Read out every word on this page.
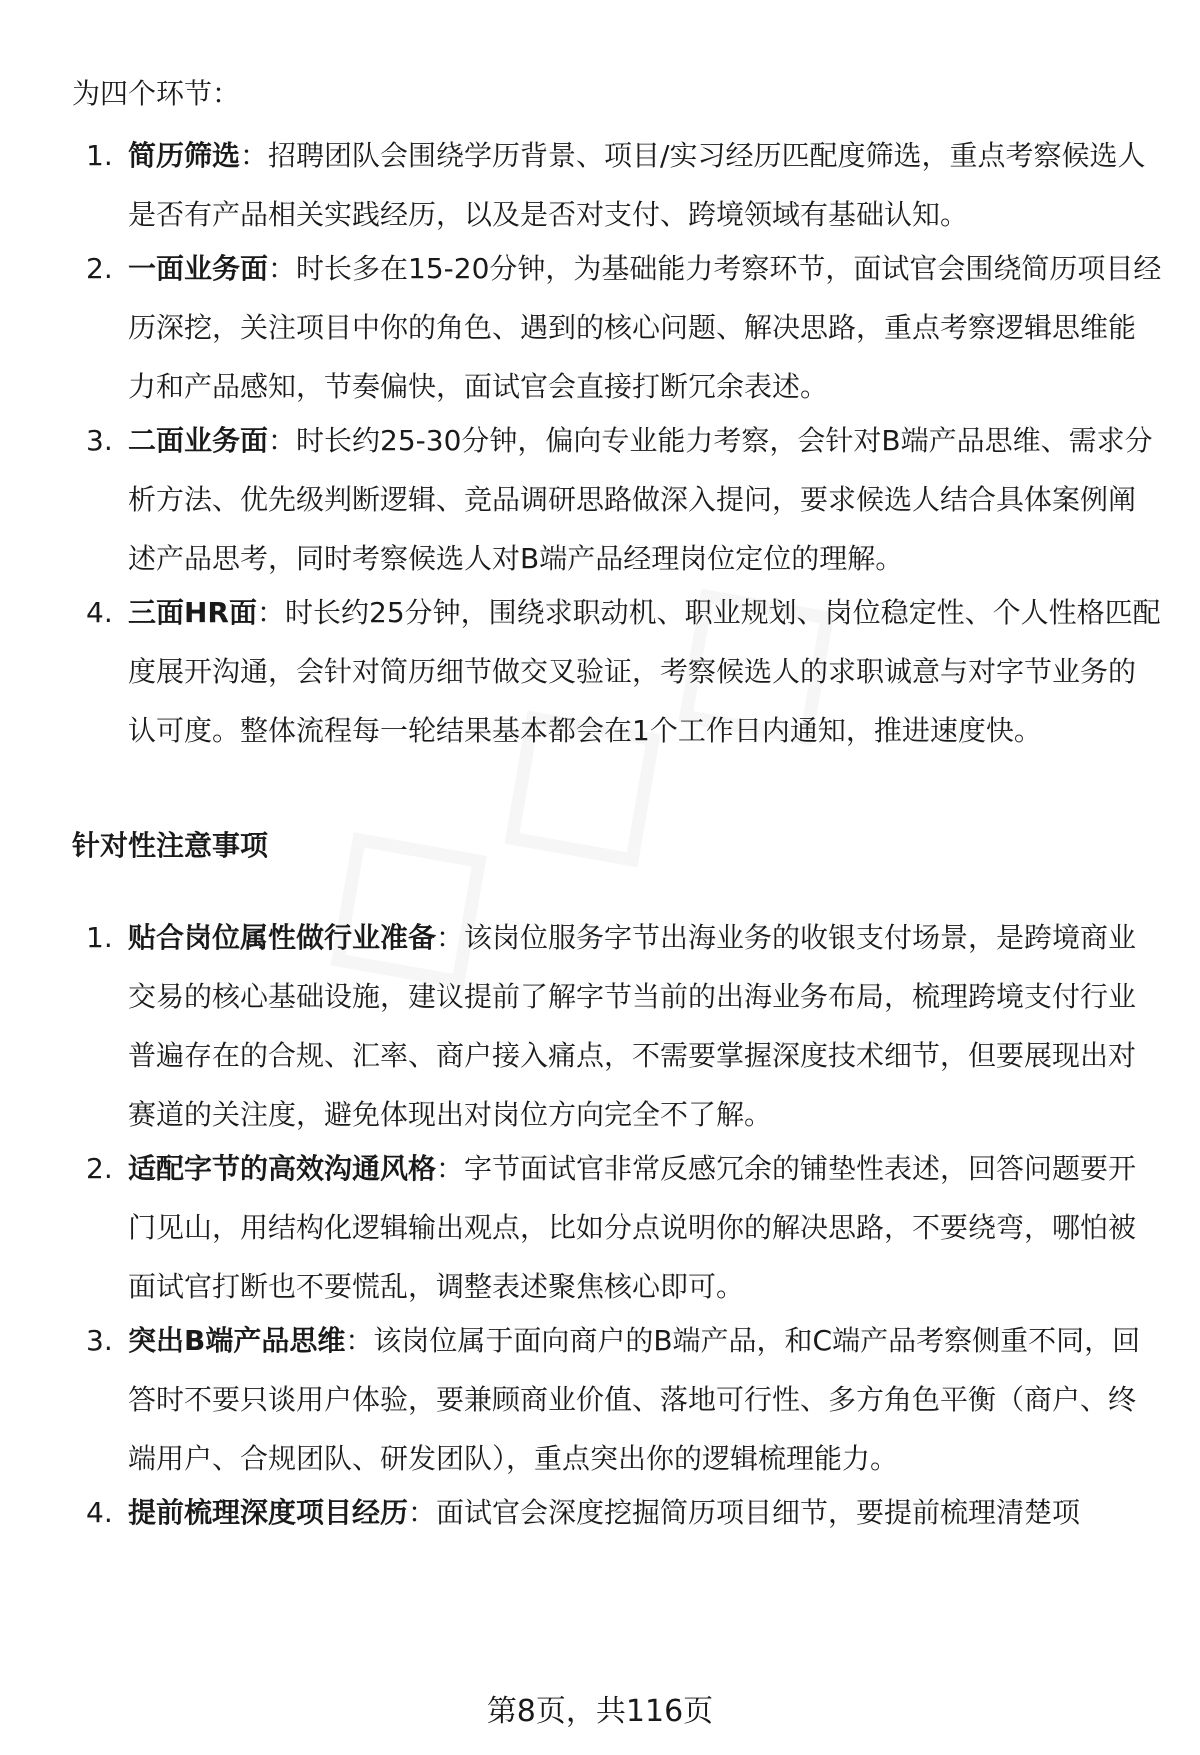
为四个环节：
1. 简历筛选：招聘团队会围绕学历背景、项目/实习经历匹配度筛选，重点考察候选人是否有产品相关实践经历，以及是否对支付、跨境领域有基础认知。
2. 一面业务面：时长多在15-20分钟，为基础能力考察环节，面试官会围绕简历项目经历深挖，关注项目中你的角色、遇到的核心问题、解决思路，重点考察逻辑思维能力和产品感知，节奏偏快，面试官会直接打断冗余表述。
3. 二面业务面：时长约25-30分钟，偏向专业能力考察，会针对B端产品思维、需求分析方法、优先级判断逻辑、竞品调研思路做深入提问，要求候选人结合具体案例阐述产品思考，同时考察候选人对B端产品经理岗位定位的理解。
4. 三面HR面：时长约25分钟，围绕求职动机、职业规划、岗位稳定性、个人性格匹配度展开沟通，会针对简历细节做交叉验证，考察候选人的求职诚意与对字节业务的认可度。整体流程每一轮结果基本都会在1个工作日内通知，推进速度快。
针对性注意事项
1. 贴合岗位属性做行业准备：该岗位服务字节出海业务的收银支付场景，是跨境商业交易的核心基础设施，建议提前了解字节当前的出海业务布局，梳理跨境支付行业普遍存在的合规、汇率、商户接入痛点，不需要掌握深度技术细节，但要展现出对赛道的关注度，避免体现出对岗位方向完全不了解。
2. 适配字节的高效沟通风格：字节面试官非常反感冗余的铺垫性表述，回答问题要开门见山，用结构化逻辑输出观点，比如分点说明你的解决思路，不要绕弯，哪怕被面试官打断也不要慌乱，调整表述聚焦核心即可。
3. 突出B端产品思维：该岗位属于面向商户的B端产品，和C端产品考察侧重不同，回答时不要只谈用户体验，要兼顾商业价值、落地可行性、多方角色平衡（商户、终端用户、合规团队、研发团队），重点突出你的逻辑梳理能力。
4. 提前梳理深度项目经历：面试官会深度挖掘简历项目细节，要提前梳理清楚项
第8页，共116页
